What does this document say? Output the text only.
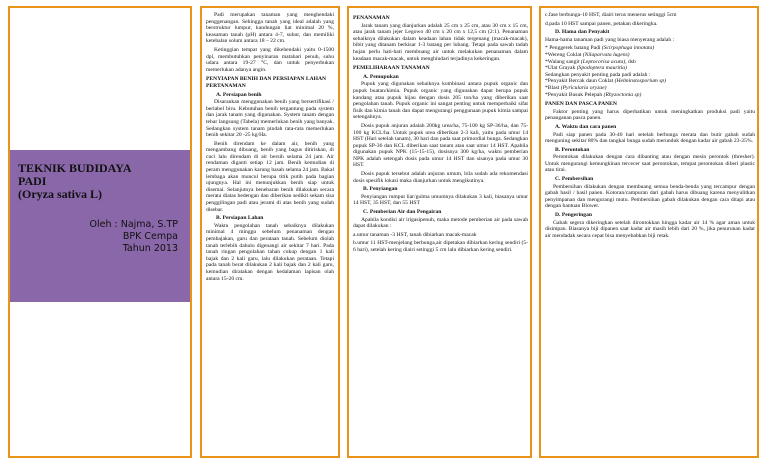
TEKNIK BUDIDAYA
PADI

(Oryza sativa L)

Oleh : Najma, S.TP
BPK Cempa
Tahun 2013

Padi merupakan tanaman yang menghendaki penggenangan. Sehingga tanah yang ideal adalah yang berstruktur lumpur, kandungan liat minimal 20 %, keasaman tanah (pH) antara 4-7, subur, dan memiliki ketebalan solum antara 18 – 22 cm.

Ketinggian tempat yang dikehendaki yaitu 0-1500 dpl, membutuhkan penyinaran matahari penuh, suhu udara antara 19-27 °C, dan untuk penyerbukan memerlukan adanya angin.

PENYIAPAN BENIH DAN PERSIAPAN LAHAN PERTANAMAN
A. Persiapan benih

Disarankan menggunakan benih yang bersertifikasi / berlabel biru. Kebutuhan benih tergantung pada system dan jarak tanam yang digunakan. System tanam dengan tebar langsung (Tabela) memerlukan benih yang banyak. Sedangkan system tanam pindah rata-rata memerlukan benih sekitar 20 -25 kg/Ha.

Benih direndam ke dalam air, benih yang mengambang dibuang, benih yang bagus ditiriskan, di cuci lalu direndam di air bersih selama 24 jam. Air rendaman diganti setiap 12 jam. Benih kemudian di peram menggunakan karung basah selama 24 jam. Bakal lembaga akan muncul berupa titik putih pada bagian ujungnya. Hal ini menunjukkan benih siap untuk disemai. Selanjutnya benebaran benih dilakukan secara merata diatas bedengan dan diberikan sedikit sekam sisa penggilingan padi atau jerami di atas benih yang sudah disebar.

B. Persiapan Lahan

Waktu pengolahan tanah sebaiknya dilakukan minimal 4 minggu sebelum penanaman dengan pembajakan, garu dan perataan tanah. Sebelum diolah tanah terlebih dahulu digenangi air sekitar 7 hari. Pada tanah ringan pengolahan tahan cukup dengan 1 kali bajak dan 2 kali garu, lalu dilakukan perataan. Tetapi pada tanah berat dilakukan 2 kali bajak dan 2 kali garu, kemudian diratakan dengan kedalaman lapisan olah antara 15-20 cm.

PENANAMAN

Jarak tanam yang dianjurkan adalah 25 cm x 25 cm, atau 30 cm x 15 cm, atau jarak tanam jejer Legowo 40 cm x 20 cm x 12,5 cm (2:1). Penanaman sebaiknya dilakukan dalam keadaan lahan tidak tergenang (macak-macak), bibit yang ditanam berkisar 1-3 batang per lubang. Tetapi pada sawah tadah hujan perlu hati-hati membuang air untuk melakukan penanaman dalam keadaan macak-macak, untuk menghindari terjadinya kekeringan.

PEMELIHARAAN TANAMAN
A. Pemupukan

Pupuk yang digunakan sebaiknya kombinasi antara pupuk organic dan pupuk buatan/kimia. Pupuk organic yang digunakan dapat berupa pupuk kandang atau pupuk hijau dengan dosis 205 ton/ha yang diberikan saat pengolahan tanah. Pupuk organic ini sangat penting untuk memperbaiki sifat fisik dan kimia tanah dan dapat mengurangi penggunaan pupuk kimia sampai setengahnya.

Dosis pupuk anjuran adalah 200kg urea/ha, 75-100 kg SP-36/ha, dan 75-100 kg KCL/ha. Untuk pupuk urea diberikan 2-3 kali, yaitu pada umur 14 HST (Hari setelah tanam), 30 hari dan pada saat primordial bunga. Sedangkan pupuk SP-36 dan KCL diberikan saat tanam atau saat umur 14 HST. Apabila digunakan pupuk NPK (15-15-15), dosisnya 300 kg/ha, waktu pemberian NPK adalah setengah dosis pada umur 14 HST dan sisanya pada umur 30 HST.

Dosis pupuk tersebut adalah anjuran umum, bila sudah ada rekomendasi dosis spesifik lokasi maka dianjurkan untuk mengikutinya.

B. Penyiangan

Penyiangan rumput liar/gulma umumnya dilakukan 3 kali, biasanya umur 14 HST, 35 HST, dan 55 HST

C. Pemberian Air dan Pengairan

Apabila kondisi air irigasipenuh, maka metode pemberian air pada sawah dapat dilakukan :

a.umur tanaman -3 HST, tanah dibiarkan macak-macak

b.umur 11 HST-menjelang berbunga,air dipetakan dibiarkan kering sendiri (5-6 hari), setelah kering diairi setinggi 5 cm lalu dibiarkan kering sendiri.

c.fase berbunga-10 HST, diairi terus menerus setinggi 5cm

d.pada 10 HST sampai panen, petakan dikeringka.

D. Hama dan Penyakit

Hama-hama tanaman padi yang biasa menyerang adalah :

* Penggerek batang Padi (Scirpophaga innotata)
*Wereng Coklat (Nilaparvata lugens)
*Walang sangit (Leptocorisa acuta), dsb
*Ulat Grayak (Spodoptera mauritia)
Sedangkan penyakit penting pada padi adalah :
*Penyakit Bercak daun Coklat (Helminstosporium sp)
*Blast (Pyricularia oryzae)
*Penyakit Busuk Pelepah (Rhyzoctonia sp)
PANEN DAN PASCA PANEN

Faktor penting yang harus diperhatikan untuk meningkatkan produksi padi yaitu penanganan pasca panen.

A. Waktu dan cara panen

Padi siap panen pada 30-40 hari setelah berbunga merata dan butir gabah sudah menguning sekitar 80% dan tangkai bunga sudah merunduk dengan kadar air gabah 23-25%.

B. Perontokan

Perontokan dilakukan dengan cara dibanting atau dengan mesin perontok (thresher). Untuk mengurangi kemungkinan tercecer saat perontokan, tempat perontokan diberi plastic atau tirai.

C. Pembersihan

Pembersihan dilakukan dengan membuang semua benda-benda yang tercampur dengan gabah hasil / hasil panen. Kotoran/campuran dari gabah harus dibuang karena menyulitkan penyimpanan dan mengurangi mutu. Pembersihan gabah dilakukan dengan cara ditapi atau dengan bantuan Blower.

D. Pengeringan

Gabah segera dikeringkan setelah dirontokkan hingga kadar air 14 % agar aman untuk disimpan. Biasanya biji dipanen saat kadar air masih lebih dari 20 %, jika penurunan kadar air mendadak secara cepat bisa menyebabkan biji retak.
